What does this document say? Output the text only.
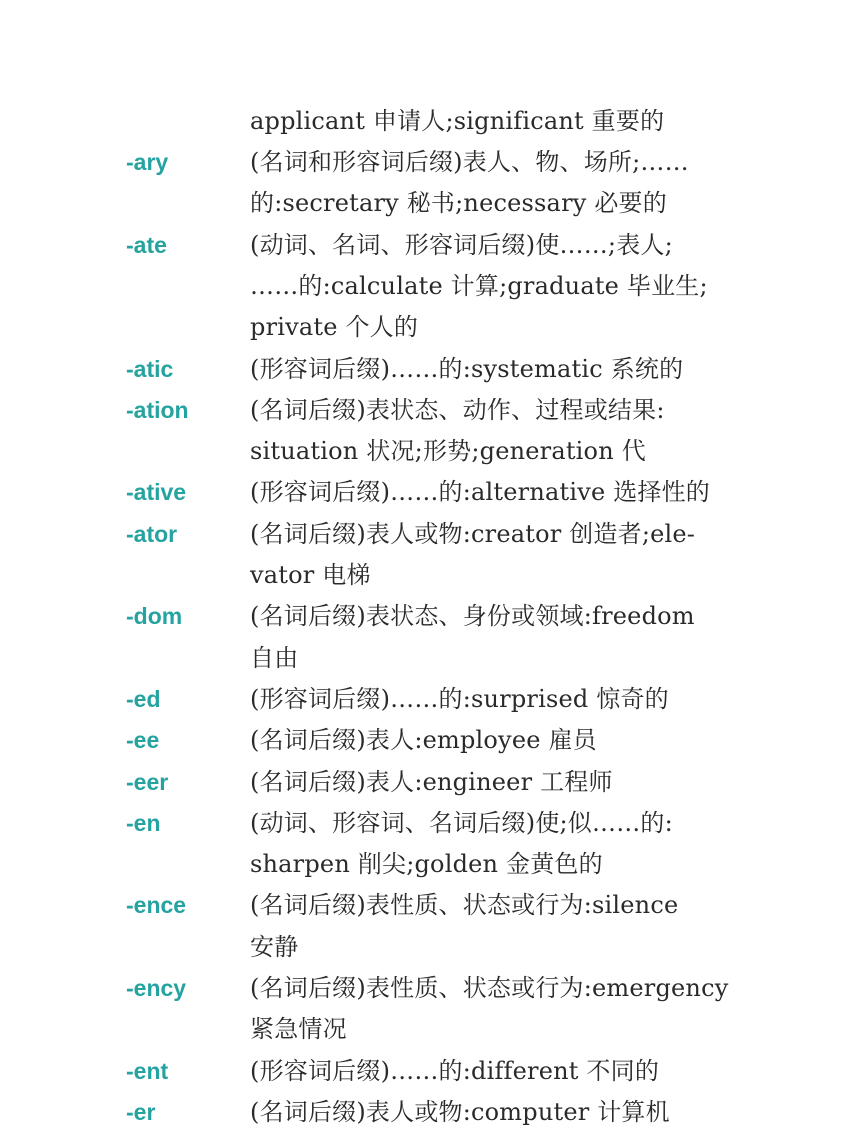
applicant 申请人;significant 重要的
-ary	(名词和形容词后缀)表人、物、场所;……
的:secretary 秘书;necessary 必要的
-ate	(动词、名词、形容词后缀)使……;表人;
……的:calculate 计算;graduate 毕业生;
private 个人的
-atic	(形容词后缀)……的:systematic 系统的
-ation	(名词后缀)表状态、动作、过程或结果:
situation 状况;形势;generation 代
-ative	(形容词后缀)……的:alternative 选择性的
-ator	(名词后缀)表人或物:creator 创造者;ele-
vator 电梯
-dom	(名词后缀)表状态、身份或领域:freedom
自由
-ed	(形容词后缀)……的:surprised 惊奇的
-ee	(名词后缀)表人:employee 雇员
-eer	(名词后缀)表人:engineer 工程师
-en	(动词、形容词、名词后缀)使;似……的:
sharpen 削尖;golden 金黄色的
-ence	(名词后缀)表性质、状态或行为:silence
安静
-ency	(名词后缀)表性质、状态或行为:emergency
紧急情况
-ent	(形容词后缀)……的:different 不同的
-er	(名词后缀)表人或物:computer 计算机
